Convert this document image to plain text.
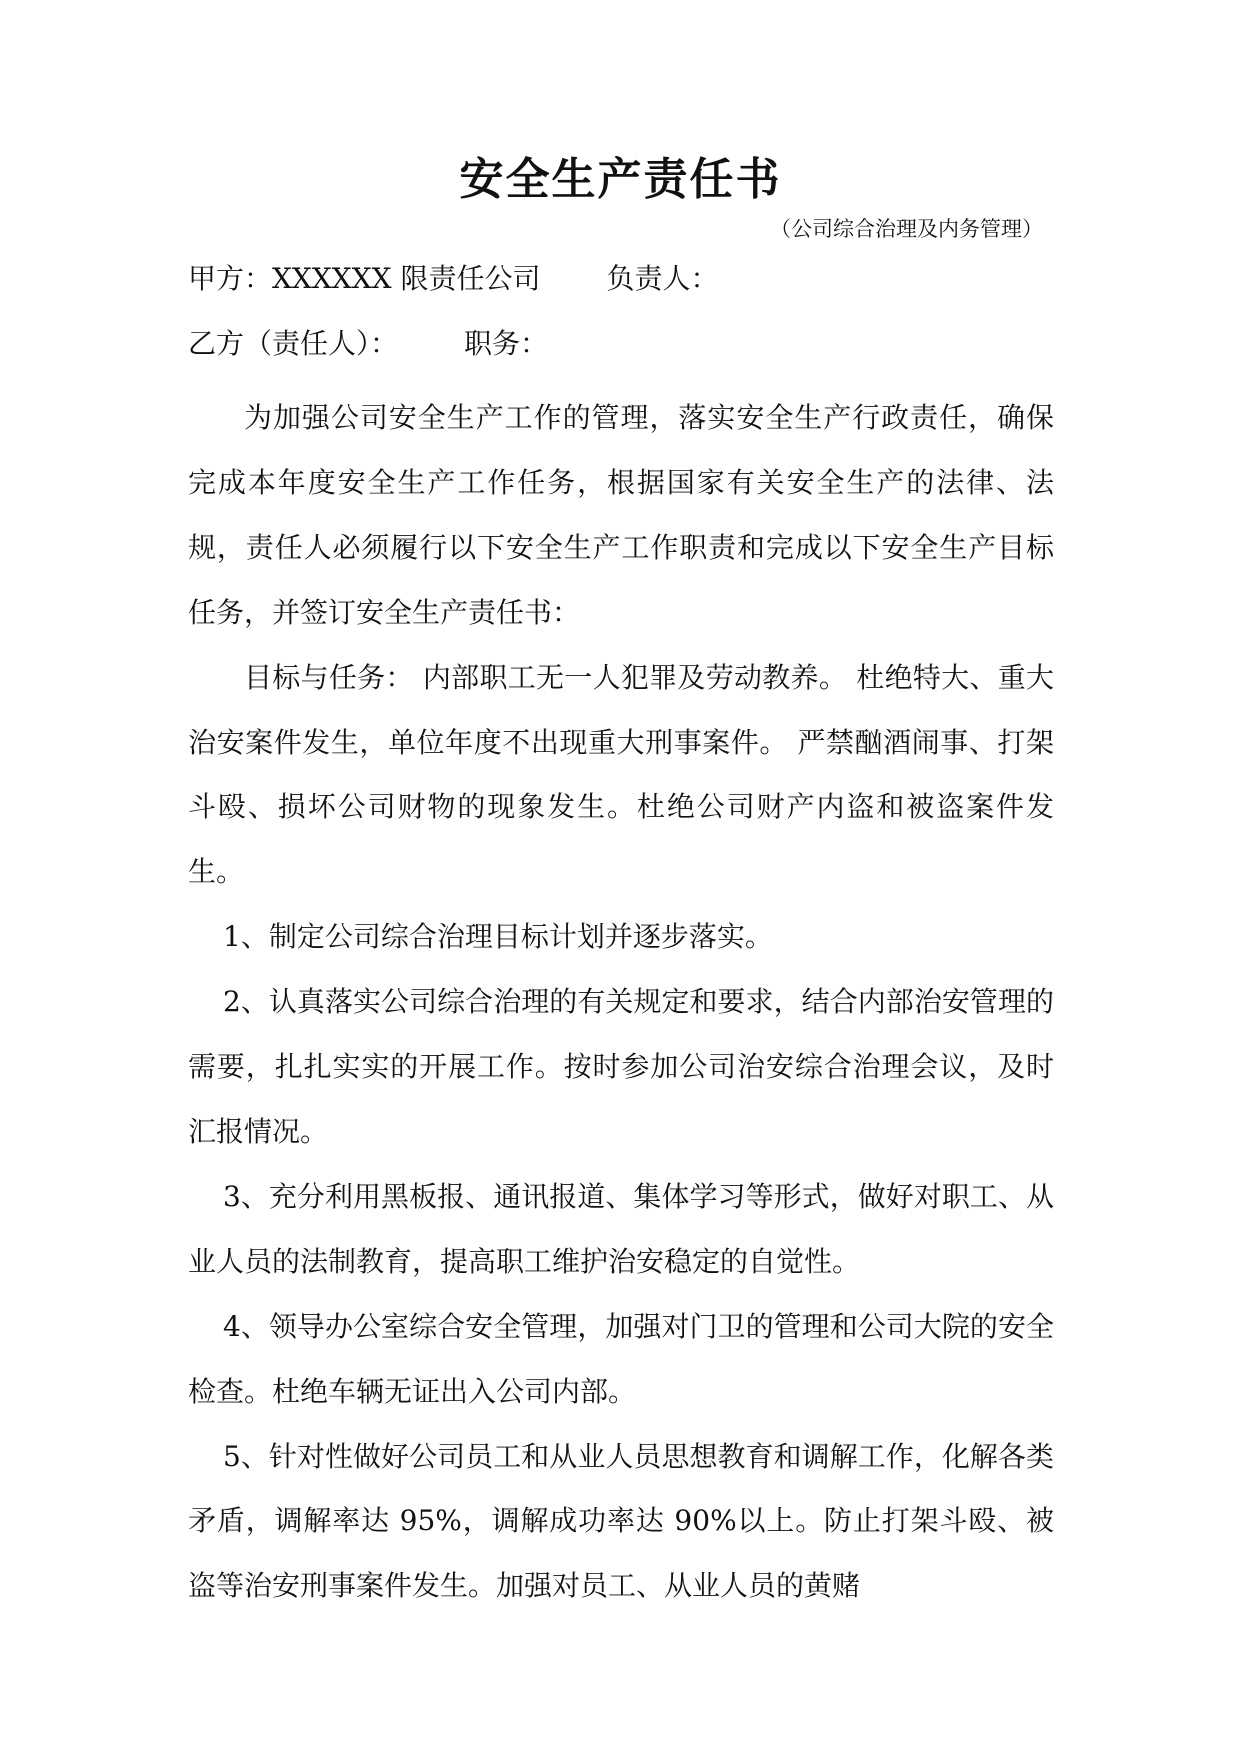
安全生产责任书
（公司综合治理及内务管理）
甲方：XXXXXX 限责任公司 负责人：
乙方（责任人）： 职务：

为加强公司安全生产工作的管理，落实安全生产行政责任，确保完成本年度安全生产工作任务，根据国家有关安全生产的法律、法规，责任人必须履行以下安全生产工作职责和完成以下安全生产目标任务，并签订安全生产责任书：

目标与任务： 内部职工无一人犯罪及劳动教养。 杜绝特大、重大治安案件发生，单位年度不出现重大刑事案件。 严禁酗酒闹事、打架斗殴、损坏公司财物的现象发生。杜绝公司财产内盗和被盗案件发生。

1、制定公司综合治理目标计划并逐步落实。

2、认真落实公司综合治理的有关规定和要求，结合内部治安管理的需要，扎扎实实的开展工作。按时参加公司治安综合治理会议，及时汇报情况。

3、充分利用黑板报、通讯报道、集体学习等形式，做好对职工、从业人员的法制教育，提高职工维护治安稳定的自觉性。

4、领导办公室综合安全管理，加强对门卫的管理和公司大院的安全检查。杜绝车辆无证出入公司内部。

5、针对性做好公司员工和从业人员思想教育和调解工作，化解各类矛盾，调解率达 95%，调解成功率达 90%以上。防止打架斗殴、被盗等治安刑事案件发生。加强对员工、从业人员的黄赌
